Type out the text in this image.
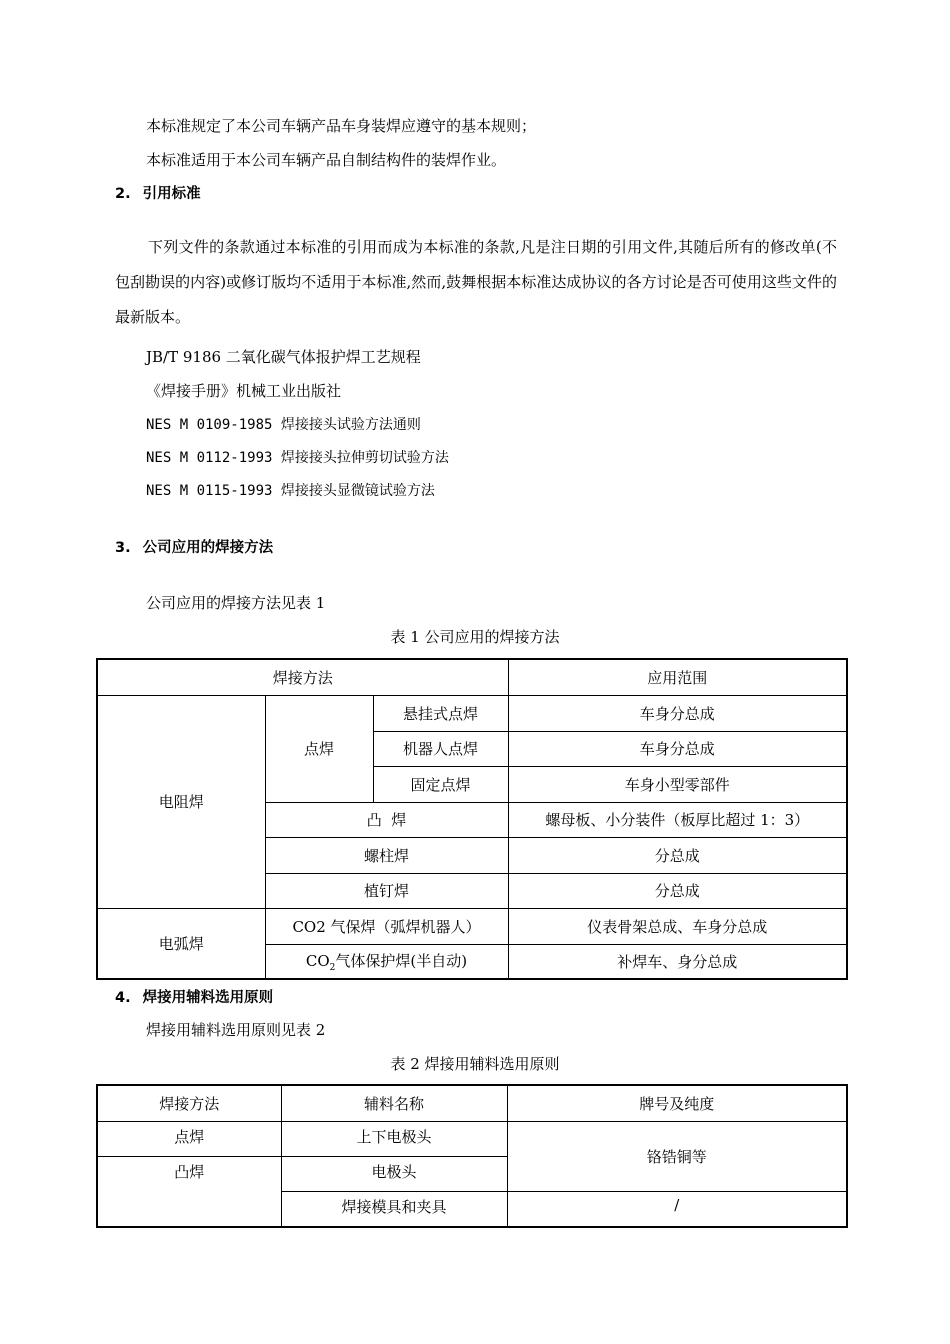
本标准规定了本公司车辆产品车身装焊应遵守的基本规则；
本标准适用于本公司车辆产品自制结构件的装焊作业。
2. 引用标准
下列文件的条款通过本标准的引用而成为本标准的条款,凡是注日期的引用文件,其随后所有的修改单(不包刮勘误的内容)或修订版均不适用于本标准,然而,鼓舞根据本标准达成协议的各方讨论是否可使用这些文件的最新版本。
JB/T 9186 二氧化碳气体报护焊工艺规程
《焊接手册》机械工业出版社
NES M 0109-1985 焊接接头试验方法通则
NES M 0112-1993 焊接接头拉伸剪切试验方法
NES M 0115-1993 焊接接头显微镜试验方法
3. 公司应用的焊接方法
公司应用的焊接方法见表 1
表 1 公司应用的焊接方法
焊接方法			应用范围
电阻焊	点焊	悬挂式点焊	车身分总成
		机器人点焊	车身分总成
		固定点焊	车身小型零部件
	凸  焊		螺母板、小分装件（板厚比超过 1：3）
	螺柱焊		分总成
	植钉焊		分总成
电弧焊	CO2 气保焊（弧焊机器人）		仪表骨架总成、车身分总成
	$CO_2$气体保护焊(半自动)		补焊车、身分总成
4. 焊接用辅料选用原则
焊接用辅料选用原则见表 2
表 2 焊接用辅料选用原则
焊接方法	辅料名称	牌号及纯度
点焊	上下电极头	铬锆铜等
凸焊	电极头	
	焊接模具和夹具	/
